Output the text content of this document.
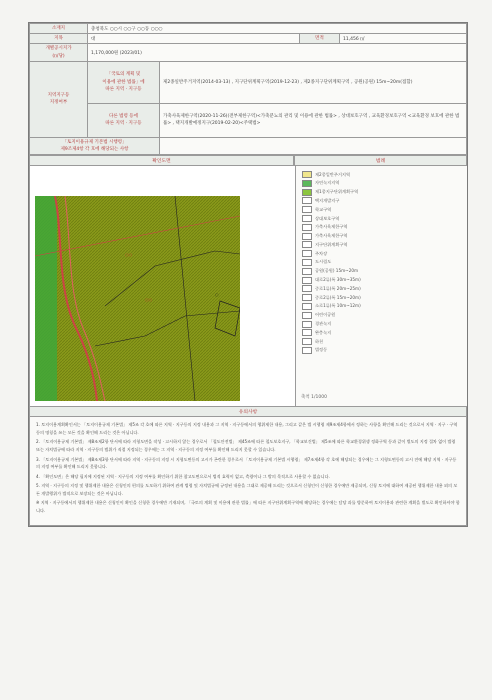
소재지	충청북도 ○○시 ○○구 ○○동 ○○○			
지목	대		면적	11,456 ㎡
개별공시지가
(㎡당)	1,170,000원 (2023/01)			
지역지구등
지정여부	「국토의 계획 및
이용에 관한 법률」에
따른 지역 · 지구등	제2종일반주거지역(2014-03-13) , 지구단위계획구역(2019-12-23) , 제2종지구단위계획구역 , 공원(공원) 15m~20m(접함)		
	다른 법령 등에
따른 지역 · 지구등	가축사육제한구역(2020-11-26)(전부제한구역)<가축분뇨의 관리 및 이용에 관한 법률> , 상대보호구역 , 교육환경보호구역 <교육환경 보호에 관한 법률> , 택지개발예정지구(2019-02-20)<주택법>		
「토지이용규제 기본법 시행령」
제9조제4항 각 호에 해당되는 사항				
확인도면	범례
○○
○○
○
제2종일반주거지역
자연녹지지역
제1종지구단위계획구역
택지개발지구
학교구역
상대보호구역
가축사육제한구역
가축사육제한구역
지구단위계획구역
주차장
도시림도
공원(공원) 15m~20m
대로2류(폭 30m~35m)
중로1류(폭 20m~25m)
중로2류(폭 15m~20m)
소로1류(폭 10m~12m)
어린이공원
경관녹지
완충녹지
하천
법정동
축척 1/1000
유의사항

1. 토지이용계획확인서는 「토지이용규제 기본법」 제5조 각 호에 따른 지역 · 지구등의 지정 내용과 그 지역 · 지구등에서의 행위제한 내용, 그리고 같은 법 시행령 제9조제4항에서 정하는 사항을 확인해 드리는 것으로서 지역 · 지구 · 구역 등의 명칭을 쓰는 모든 것을 확인해 드리는 것은 아닙니다.

2. 「토지이용규제 기본법」 제8조제2항 단서에 따라 지형도면을 작성 · 고시하지 않는 경우로서 「철도안전법」 제45조에 따른 철도보호지구, 「학교보건법」 제5조에 따른 학교환경위생 정화구역 등과 같이 별도의 지정 절차 없이 법령 또는 자치법규에 따라 지역 · 지구등의 범위가 직접 지정되는 경우에는 그 지역 · 지구등의 지정 여부를 확인해 드리지 못할 수 있습니다.

3. 「토지이용규제 기본법」 제8조제3항 단서에 따라 지역 · 지구등의 지정 시 지형도면등의 고시가 곤란한 경우로서 「토지이용규제 기본법 시행령」 제7조제4항 각 호에 해당되는 경우에는 그 지형도면등의 고시 전에 해당 지역 · 지구등의 지정 여부를 확인해 드리지 못합니다.

4. 「확인도면」은 해당 필지에 지정된 지역 · 지구등의 지정 여부를 확인하기 위한 참고도면으로서 법적 효력이 없고, 측량이나 그 밖의 목적으로 사용할 수 없습니다.

5. 지역 · 지구등의 지정 및 행위제한 내용은 신청인의 편의를 도모하기 위하여 관계 법령 및 자치법규에 규정된 내용을 그대로 제공해 드리는 것으로서 신청인이 신청한 경우에만 제공되며, 신청 토지에 대하여 제공된 행위제한 내용 외의 모든 개발행위가 법적으로 보장되는 것은 아닙니다.

※ 지역 · 지구등에서의 행위제한 내용은 신청인이 확인을 신청한 경우에만 기재되며, 「국토의 계획 및 이용에 관한 법률」에 따른 지구단위계획구역에 해당하는 경우에는 담당 과를 방문하여 토지이용과 관련한 계획을 별도로 확인하셔야 합니다.
